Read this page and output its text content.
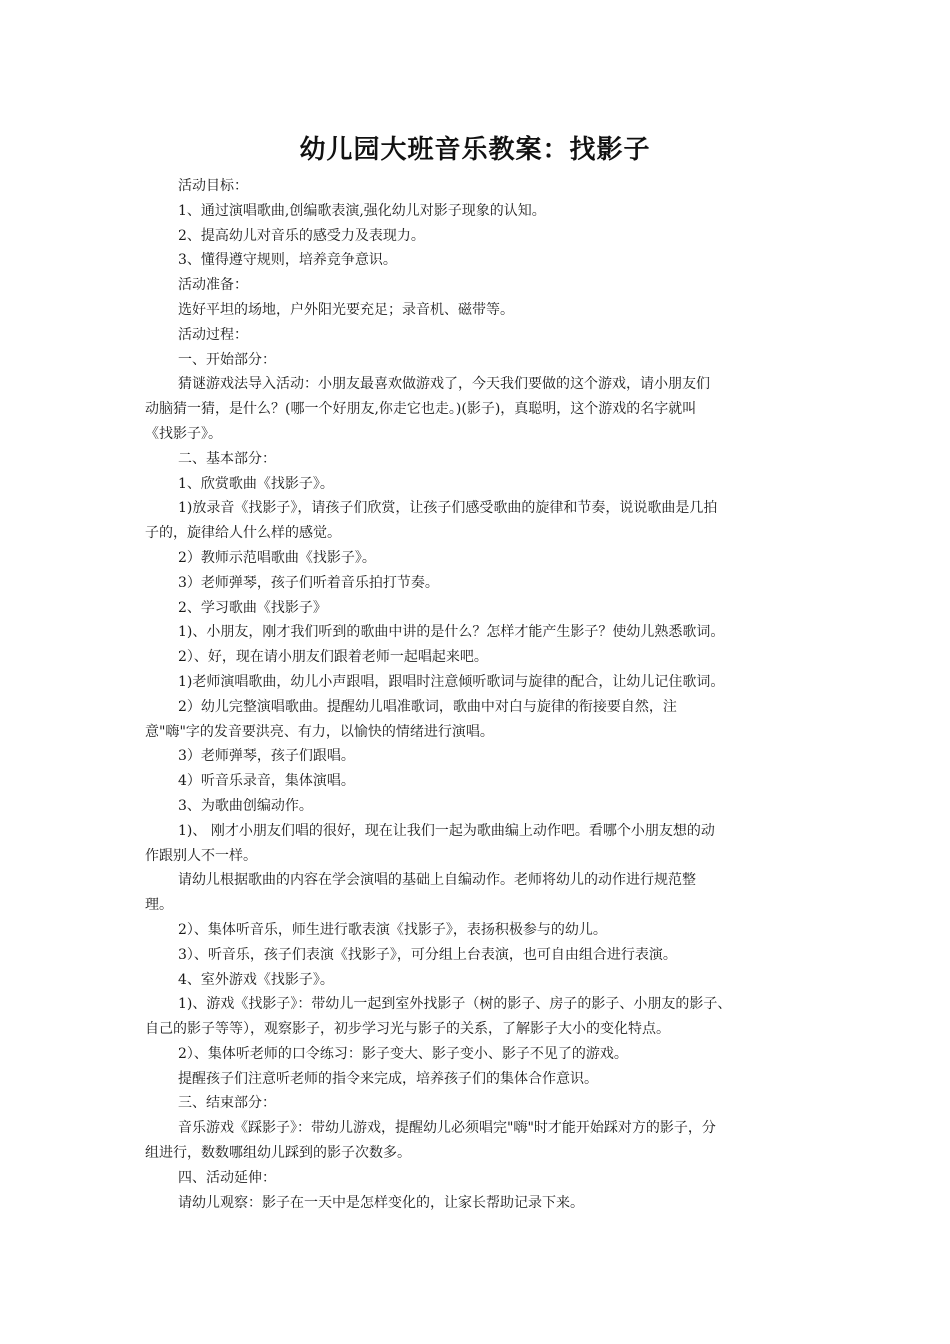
幼儿园大班音乐教案：找影子
活动目标：
1、通过演唱歌曲,创编歌表演,强化幼儿对影子现象的认知。
2、提高幼儿对音乐的感受力及表现力。
3、懂得遵守规则，培养竞争意识。
活动准备：
选好平坦的场地，户外阳光要充足；录音机、磁带等。
活动过程：
一、开始部分：
猜谜游戏法导入活动：小朋友最喜欢做游戏了，今天我们要做的这个游戏，请小朋友们
动脑猜一猜，是什么？(哪一个好朋友,你走它也走。)(影子)，真聪明，这个游戏的名字就叫
《找影子》。
二、基本部分：
1、欣赏歌曲《找影子》。
1)放录音《找影子》，请孩子们欣赏，让孩子们感受歌曲的旋律和节奏，说说歌曲是几拍
子的，旋律给人什么样的感觉。
2）教师示范唱歌曲《找影子》。
3）老师弹琴，孩子们听着音乐拍打节奏。
2、学习歌曲《找影子》
1)、小朋友，刚才我们听到的歌曲中讲的是什么？怎样才能产生影子？使幼儿熟悉歌词。
2）、好，现在请小朋友们跟着老师一起唱起来吧。
1)老师演唱歌曲，幼儿小声跟唱，跟唱时注意倾听歌词与旋律的配合，让幼儿记住歌词。
2）幼儿完整演唱歌曲。提醒幼儿唱准歌词，歌曲中对白与旋律的衔接要自然，注
意"嗨"字的发音要洪亮、有力，以愉快的情绪进行演唱。
3）老师弹琴，孩子们跟唱。
4）听音乐录音，集体演唱。
3、为歌曲创编动作。
1)、 刚才小朋友们唱的很好，现在让我们一起为歌曲编上动作吧。看哪个小朋友想的动
作跟别人不一样。
请幼儿根据歌曲的内容在学会演唱的基础上自编动作。老师将幼儿的动作进行规范整
理。
2）、集体听音乐，师生进行歌表演《找影子》，表扬积极参与的幼儿。
3）、听音乐，孩子们表演《找影子》，可分组上台表演，也可自由组合进行表演。
4、室外游戏《找影子》。
1)、游戏《找影子》：带幼儿一起到室外找影子（树的影子、房子的影子、小朋友的影子、
自己的影子等等），观察影子，初步学习光与影子的关系，了解影子大小的变化特点。
2）、集体听老师的口令练习：影子变大、影子变小、影子不见了的游戏。
提醒孩子们注意听老师的指令来完成，培养孩子们的集体合作意识。
三、结束部分：
音乐游戏《踩影子》：带幼儿游戏，提醒幼儿必须唱完"嗨"时才能开始踩对方的影子，分
组进行，数数哪组幼儿踩到的影子次数多。
四、活动延伸：
请幼儿观察：影子在一天中是怎样变化的，让家长帮助记录下来。
